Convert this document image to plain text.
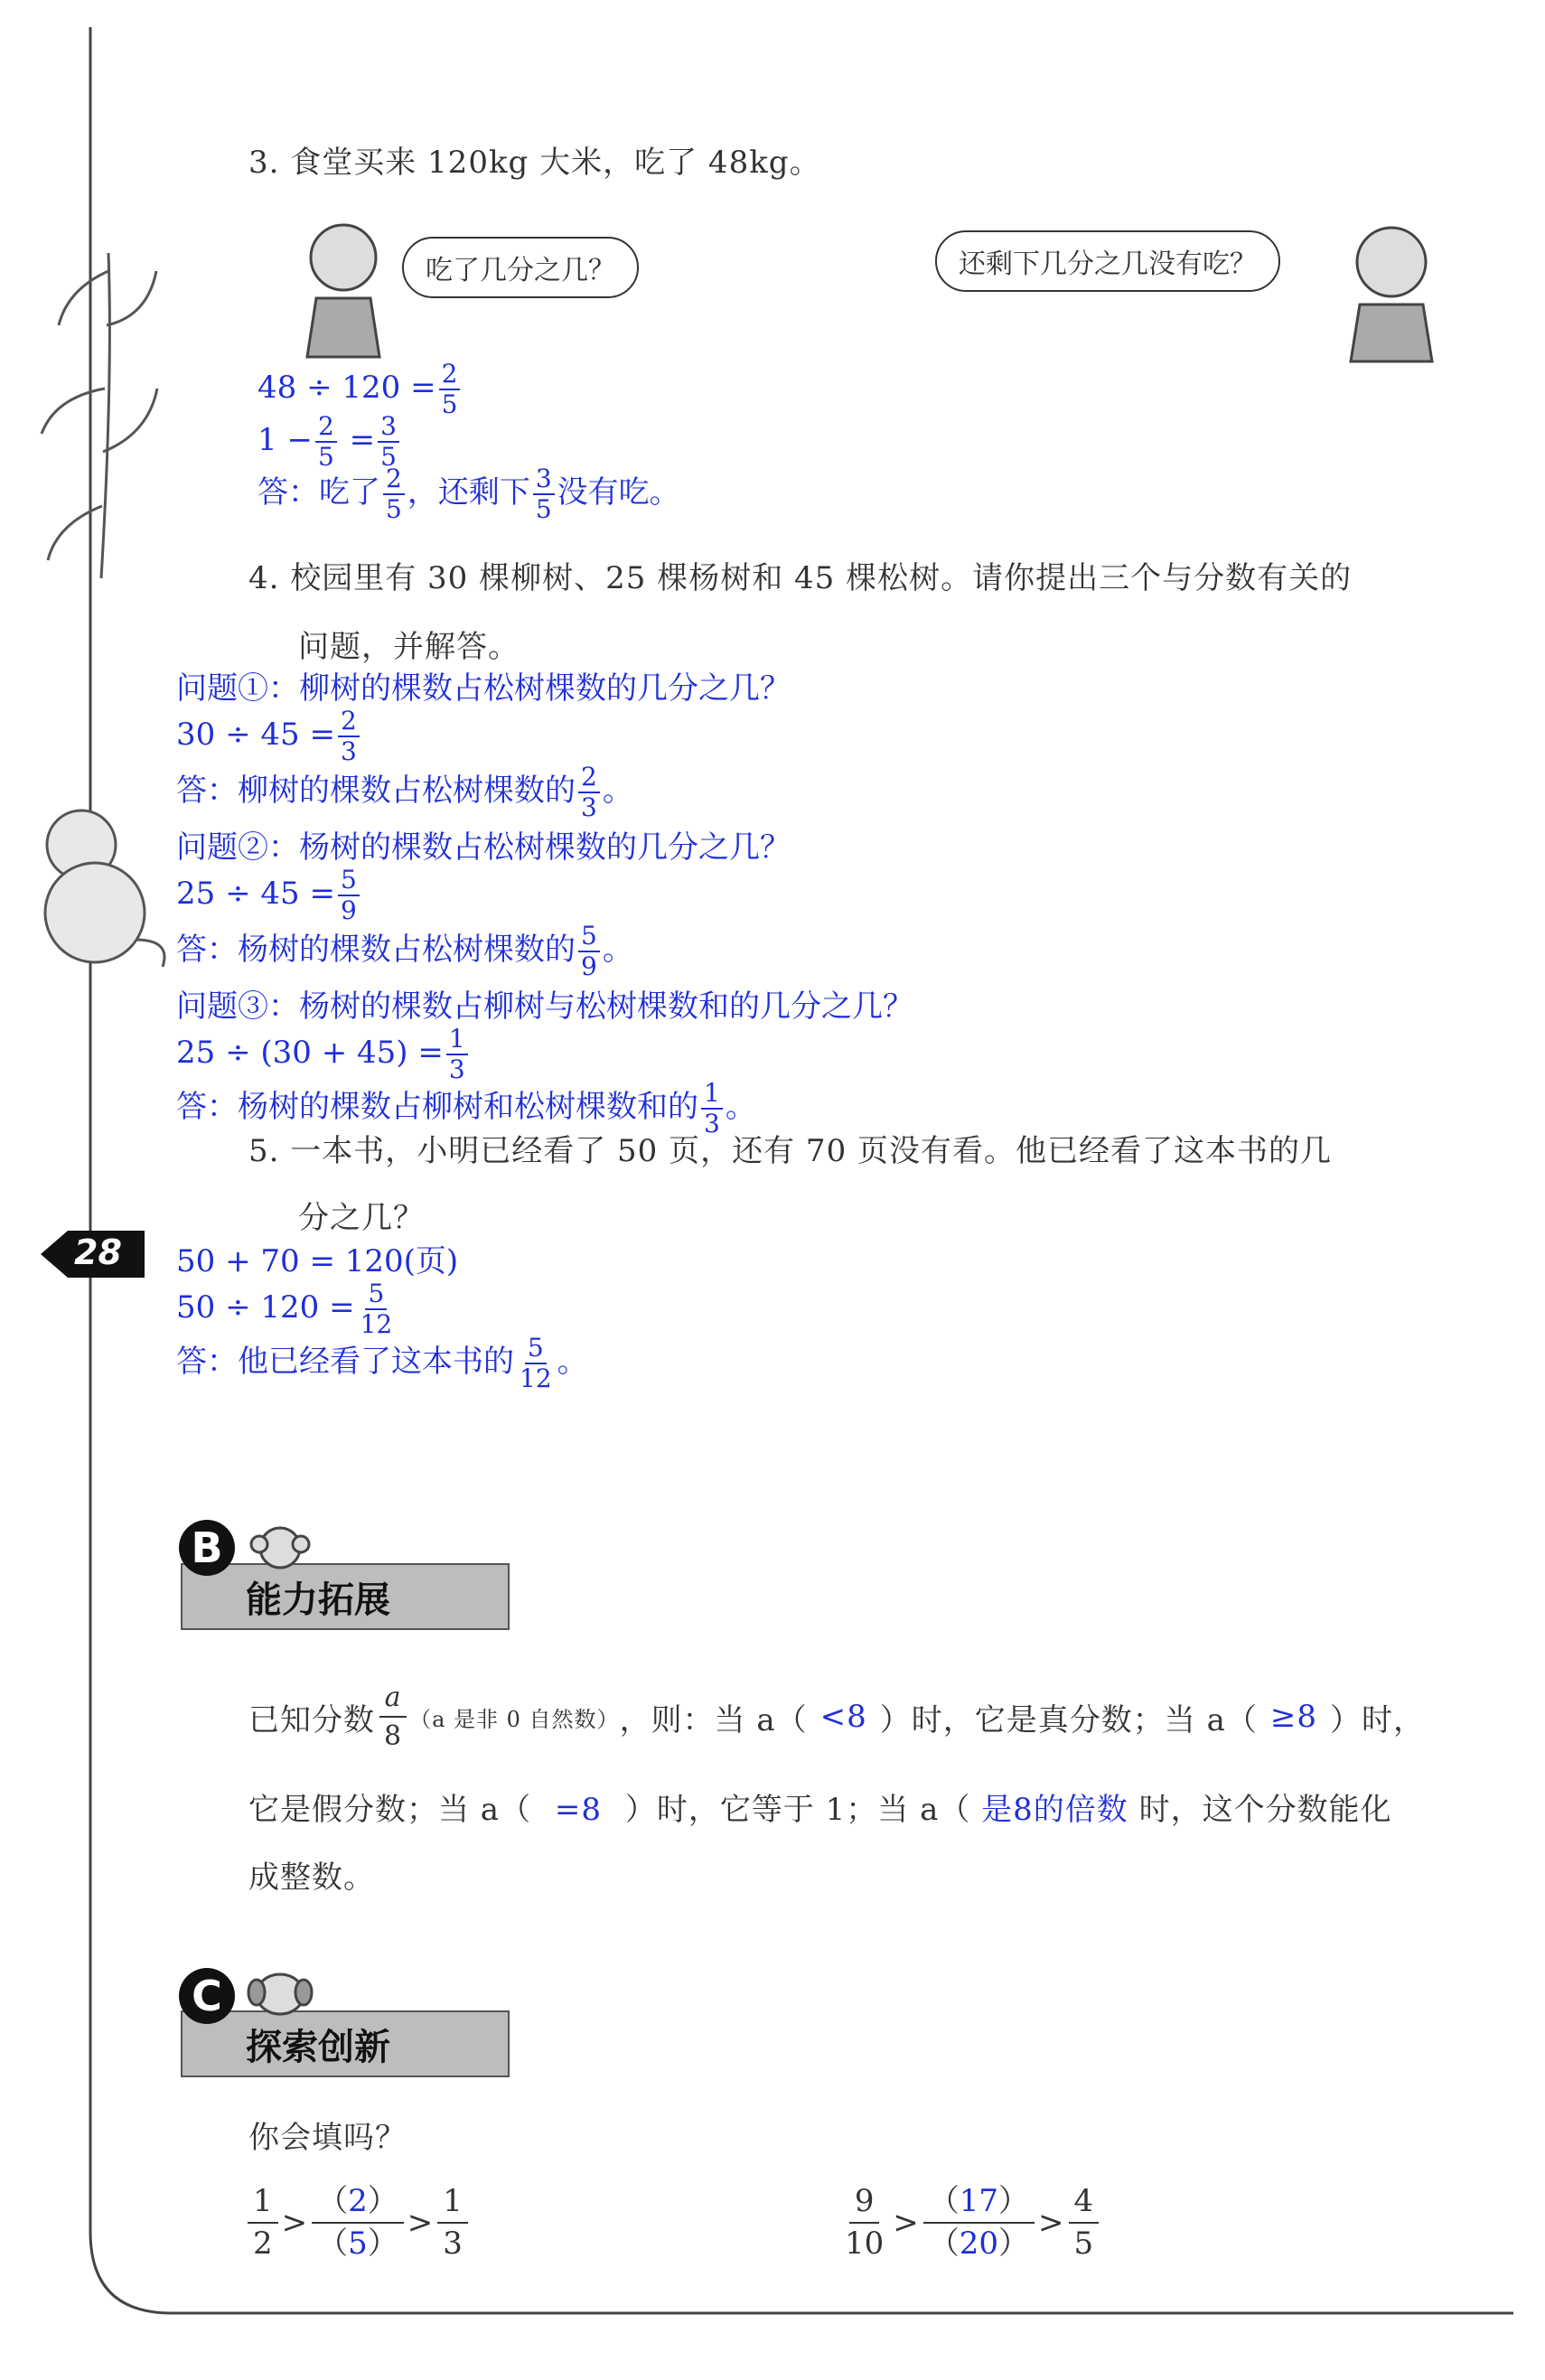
28
3. 食堂买来 120kg 大米，吃了 48kg。
吃了几分之几？	还剩下几分之几没有吃？
$48 \div 120 = \frac{2}{5}$
$1 - \frac{2}{5} = \frac{3}{5}$
答：吃了 $\frac{2}{5}$ ，还剩下 $\frac{3}{5}$ 没有吃。
4. 校园里有 30 棵柳树、25 棵杨树和 45 棵松树。请你提出三个与分数有关的
问题，并解答。
问题①：柳树的棵数占松树棵数的几分之几？
$30 \div 45 = \frac{2}{3}$
答：柳树的棵数占松树棵数的 $\frac{2}{3}$ 。
问题②：杨树的棵数占松树棵数的几分之几？
$25 \div 45 = \frac{5}{9}$
答：杨树的棵数占松树棵数的 $\frac{5}{9}$ 。
问题③：杨树的棵数占柳树与松树棵数和的几分之几？
$25 \div (30 + 45) = \frac{1}{3}$
答：杨树的棵数占柳树和松树棵数和的 $\frac{1}{3}$ 。
5. 一本书，小明已经看了 50 页，还有 70 页没有看。他已经看了这本书的几
分之几？
50 + 70 = 120(页)
$50 \div 120 = \frac{5}{12}$
答：他已经看了这本书的 $\frac{5}{12}$ 。
能力拓展
B
已知分数
a
8
（a 是非 0 自然数） ，则：当 a（ <8 ）时，它是真分数；当 a（ ≥8 ）时，
它是假分数；当 a（ =8 ）时，它等于 1；当 a（ 是8的倍数 时，这个分数能化
成整数。
探索创新
C
你会填吗？
1
2
>
（2）
（5）
>
1
3
9
10
>
（17）
（20）
>
4
5
